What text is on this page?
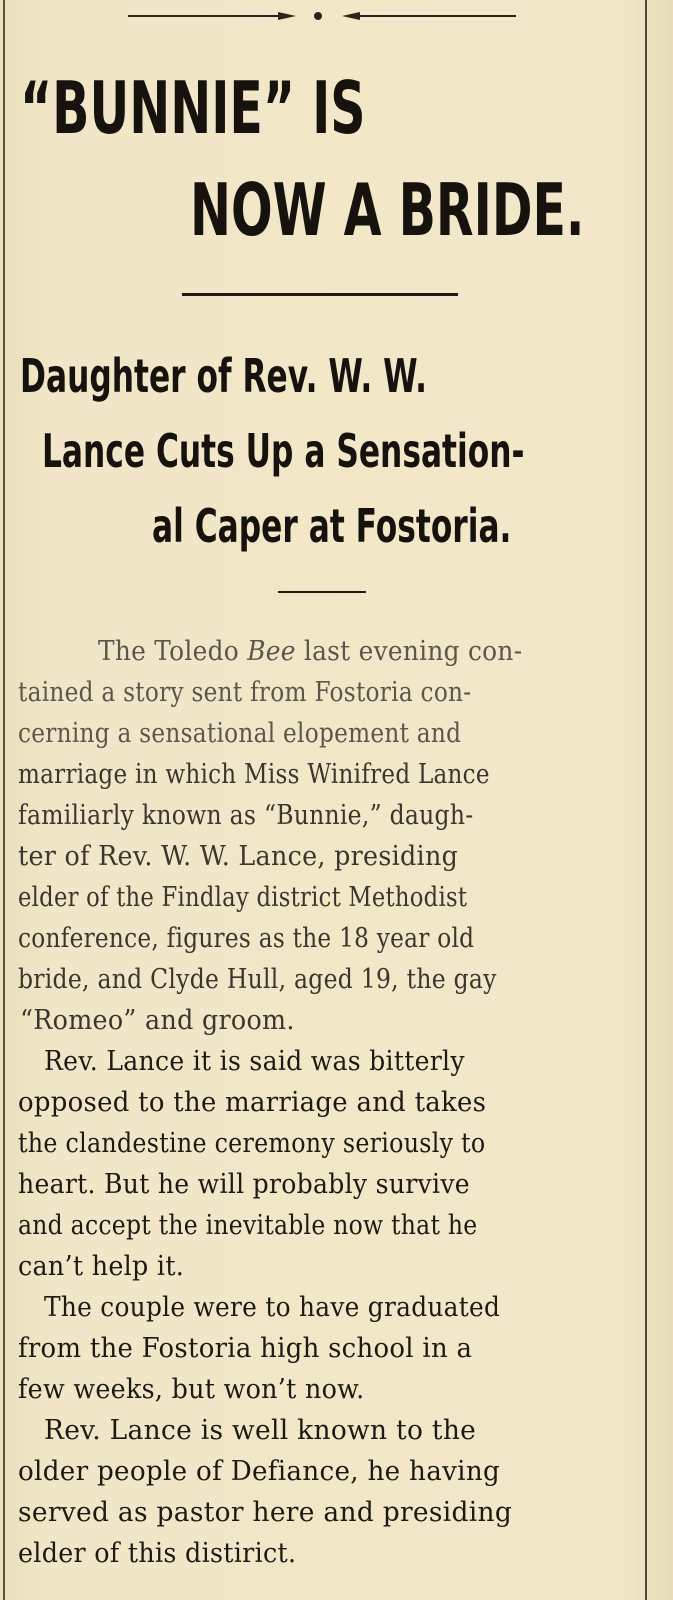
“BUNNIE” IS
NOW A BRIDE.
Daughter of Rev. W. W.
Lance Cuts Up a Sensation-
al Caper at Fostoria.
The Toledo Bee last evening con-
tained a story sent from Fostoria con-
cerning a sensational elopement and
marriage in which Miss Winifred Lance
familiarly known as “Bunnie,” daugh-
ter of Rev. W. W. Lance, presiding
elder of the Findlay district Methodist
conference, figures as the 18 year old
bride, and Clyde Hull, aged 19, the gay
“Romeo” and groom.
Rev. Lance it is said was bitterly
opposed to the marriage and takes
the clandestine ceremony seriously to
heart. But he will probably survive
and accept the inevitable now that he
can’t help it.
The couple were to have graduated
from the Fostoria high school in a
few weeks, but won’t now.
Rev. Lance is well known to the
older people of Defiance, he having
served as pastor here and presiding
elder of this distirict.
